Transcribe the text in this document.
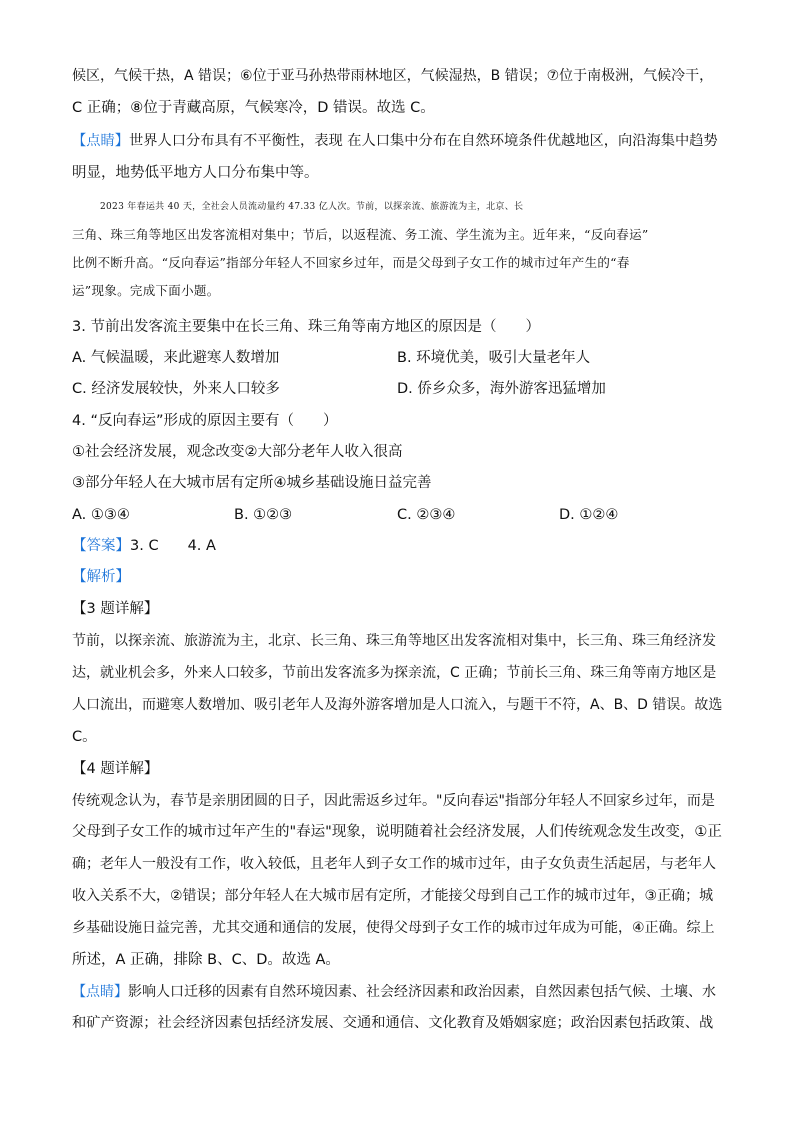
候区，气候干热，A 错误；⑥位于亚马孙热带雨林地区，气候湿热，B 错误；⑦位于南极洲，气候冷干，
C 正确；⑧位于青藏高原，气候寒冷，D 错误。故选 C。
【点睛】世界人口分布具有不平衡性，表现 在人口集中分布在自然环境条件优越地区，向沿海集中趋势
明显，地势低平地方人口分布集中等。
2023 年春运共 40 天，全社会人员流动量约 47.33 亿人次。节前，以探亲流、旅游流为主，北京、长
三角、珠三角等地区出发客流相对集中；节后，以返程流、务工流、学生流为主。近年来，“反向春运”
比例不断升高。“反向春运”指部分年轻人不回家乡过年，而是父母到子女工作的城市过年产生的“春
运”现象。完成下面小题。
3. 节前出发客流主要集中在长三角、珠三角等南方地区的原因是（　　）
A. 气候温暖，来此避寒人数增加	B. 环境优美，吸引大量老年人
C. 经济发展较快，外来人口较多	D. 侨乡众多，海外游客迅猛增加
4. “反向春运”形成的原因主要有（　　）
①社会经济发展，观念改变②大部分老年人收入很高
③部分年轻人在大城市居有定所④城乡基础设施日益完善
A. ①③④	B. ①②③	C. ②③④	D. ①②④
【答案】3. C　　4. A
【解析】
【3 题详解】
节前，以探亲流、旅游流为主，北京、长三角、珠三角等地区出发客流相对集中，长三角、珠三角经济发
达，就业机会多，外来人口较多，节前出发客流多为探亲流，C 正确；节前长三角、珠三角等南方地区是
人口流出，而避寒人数增加、吸引老年人及海外游客增加是人口流入，与题干不符，A、B、D 错误。故选
C。
【4 题详解】
传统观念认为，春节是亲朋团圆的日子，因此需返乡过年。"反向春运"指部分年轻人不回家乡过年，而是
父母到子女工作的城市过年产生的"春运"现象，说明随着社会经济发展，人们传统观念发生改变，①正
确；老年人一般没有工作，收入较低，且老年人到子女工作的城市过年，由子女负责生活起居，与老年人
收入关系不大，②错误；部分年轻人在大城市居有定所，才能接父母到自己工作的城市过年，③正确；城
乡基础设施日益完善，尤其交通和通信的发展，使得父母到子女工作的城市过年成为可能，④正确。综上
所述，A 正确，排除 B、C、D。故选 A。
【点睛】影响人口迁移的因素有自然环境因素、社会经济因素和政治因素，自然因素包括气候、土壤、水
和矿产资源；社会经济因素包括经济发展、交通和通信、文化教育及婚姻家庭；政治因素包括政策、战
